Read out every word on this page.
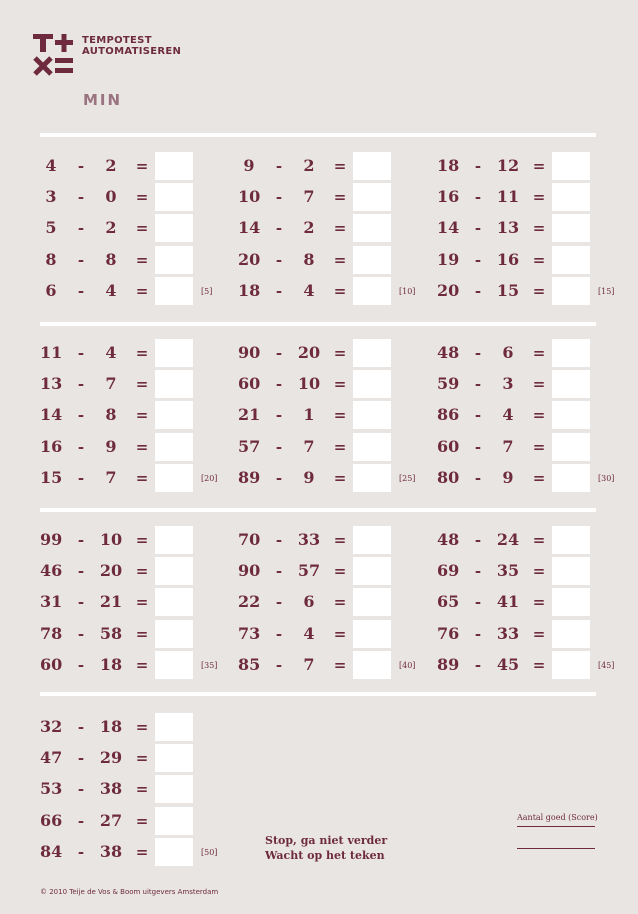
TEMPOTEST
AUTOMATISEREN
MIN
4	-	2	=
3	-	0	=
5	-	2	=
8	-	8	=
6	-	4	=	[5]
9	-	2	=
10 -	7	=
14 -	2	=
20 -	8	=
18 -	4	=	[10]
18 - 12 =
16 - 11 =
14 - 13 =
19 - 16 =
20 - 15 =	[15]
11 -	4	=
13 -	7	=
14 -	8	=
16 -	9	=
15 -	7	=	[20]
90 - 20 =
60 - 10 =
21 -	1	=
57 -	7	=
89 -	9	=	[25]
48 -	6	=
59 -	3	=
86 -	4	=
60 -	7	=
80 -	9	=	[30]
99 - 10 =
46 - 20 =
31 - 21 =
78 - 58 =
60 - 18 =	[35]
70 - 33 =
90 - 57 =
22 -	6	=
73 -	4	=
85 -	7	=	[40]
48 - 24 =
69 - 35 =
65 - 41 =
76 - 33 =
89 - 45 =	[45]
32 - 18 =
47 - 29 =
53 - 38 =
66 - 27 =
84 - 38 =	[50]
Stop, ga niet verder
Wacht op het teken
Aantal goed (Score)
© 2010 Teije de Vos & Boom uitgevers Amsterdam
